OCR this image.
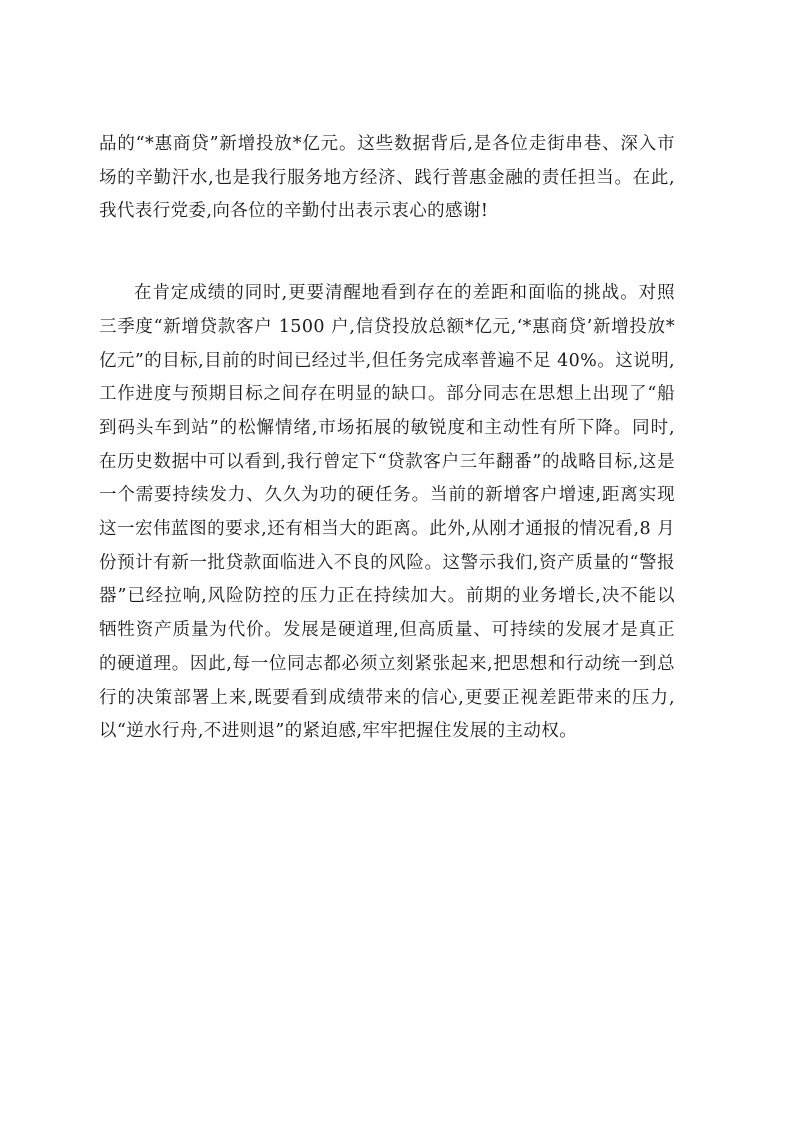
品的“*惠商贷”新增投放*亿元。这些数据背后,是各位走街串巷、深入市场的辛勤汗水,也是我行服务地方经济、践行普惠金融的责任担当。在此,我代表行党委,向各位的辛勤付出表示衷心的感谢!

在肯定成绩的同时,更要清醒地看到存在的差距和面临的挑战。对照三季度“新增贷款客户 1500 户,信贷投放总额*亿元,‘*惠商贷’新增投放*亿元”的目标,目前的时间已经过半,但任务完成率普遍不足 40%。这说明,工作进度与预期目标之间存在明显的缺口。部分同志在思想上出现了“船到码头车到站”的松懈情绪,市场拓展的敏锐度和主动性有所下降。同时,在历史数据中可以看到,我行曾定下“贷款客户三年翻番”的战略目标,这是一个需要持续发力、久久为功的硬任务。当前的新增客户增速,距离实现这一宏伟蓝图的要求,还有相当大的距离。此外,从刚才通报的情况看,8 月份预计有新一批贷款面临进入不良的风险。这警示我们,资产质量的“警报器”已经拉响,风险防控的压力正在持续加大。前期的业务增长,决不能以牺牲资产质量为代价。发展是硬道理,但高质量、可持续的发展才是真正的硬道理。因此,每一位同志都必须立刻紧张起来,把思想和行动统一到总行的决策部署上来,既要看到成绩带来的信心,更要正视差距带来的压力,以“逆水行舟,不进则退”的紧迫感,牢牢把握住发展的主动权。
